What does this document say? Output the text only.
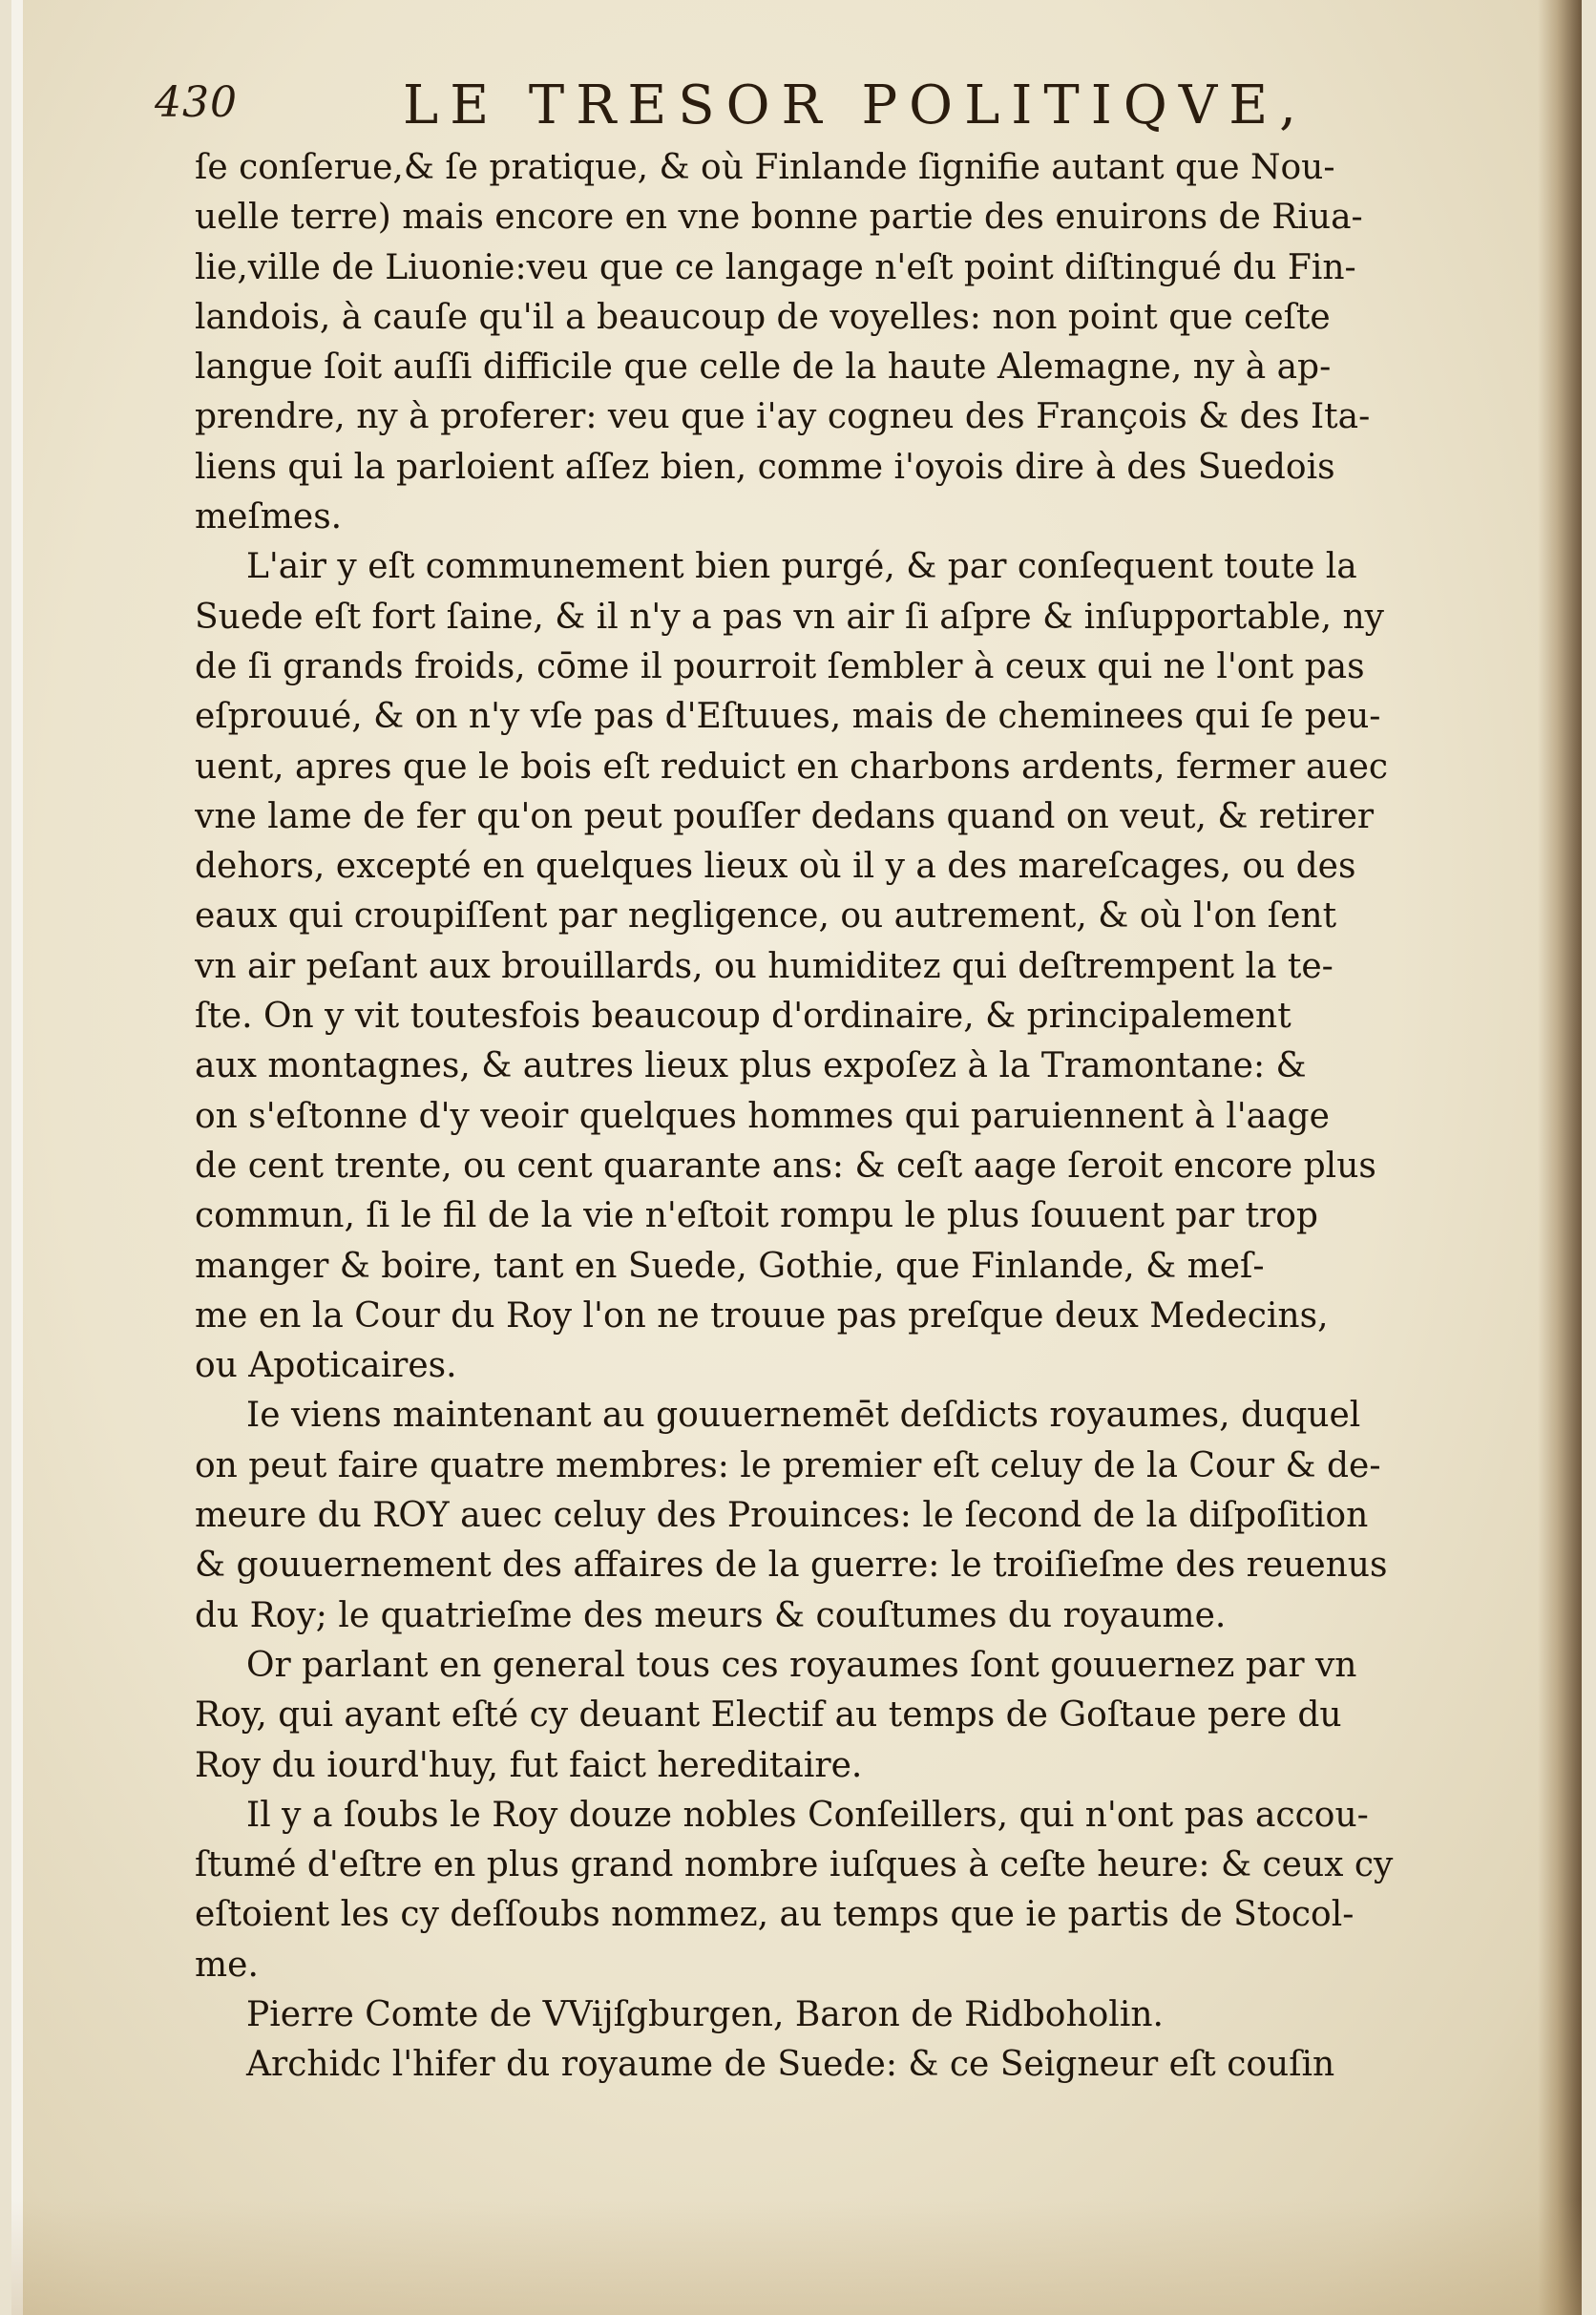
430	LE TRESOR POLITIQVE,
ſe conſerue,& ſe pratique, & où Finlande ſignifie autant que Nou-
uelle terre) mais encore en vne bonne partie des enuirons de Riua-
lie,ville de Liuonie:veu que ce langage n'eſt point diſtingué du Fin-
landois, à cauſe qu'il a beaucoup de voyelles: non point que ceſte
langue ſoit auſſi difficile que celle de la haute Alemagne, ny à ap-
prendre, ny à proferer: veu que i'ay cogneu des François & des Ita-
liens qui la parloient aſſez bien, comme i'oyois dire à des Suedois
meſmes.
L'air y eſt communement bien purgé, & par conſequent toute la
Suede eſt fort ſaine, & il n'y a pas vn air ſi aſpre & inſupportable, ny
de ſi grands froids, cōme il pourroit ſembler à ceux qui ne l'ont pas
eſprouué, & on n'y vſe pas d'Eſtuues, mais de cheminees qui ſe peu-
uent, apres que le bois eſt reduict en charbons ardents, fermer auec
vne lame de fer qu'on peut pouſſer dedans quand on veut, & retirer
dehors, excepté en quelques lieux où il y a des mareſcages, ou des
eaux qui croupiſſent par negligence, ou autrement, & où l'on ſent
vn air peſant aux brouillards, ou humiditez qui deſtrempent la te-
ſte. On y vit toutesfois beaucoup d'ordinaire, & principalement
aux montagnes, & autres lieux plus expoſez à la Tramontane: &
on s'eſtonne d'y veoir quelques hommes qui paruiennent à l'aage
de cent trente, ou cent quarante ans: & ceſt aage ſeroit encore plus
commun, ſi le fil de la vie n'eſtoit rompu le plus ſouuent par trop
manger & boire, tant en Suede, Gothie, que Finlande, & meſ-
me en la Cour du Roy l'on ne trouue pas preſque deux Medecins,
ou Apoticaires.
Ie viens maintenant au gouuernemēt deſdicts royaumes, duquel
on peut faire quatre membres: le premier eſt celuy de la Cour & de-
meure du ROY auec celuy des Prouinces: le ſecond de la diſpoſition
& gouuernement des affaires de la guerre: le troiſieſme des reuenus
du Roy; le quatrieſme des meurs & couſtumes du royaume.
Or parlant en general tous ces royaumes ſont gouuernez par vn
Roy, qui ayant eſté cy deuant Electif au temps de Goſtaue pere du
Roy du iourd'huy, fut faict hereditaire.
Il y a ſoubs le Roy douze nobles Conſeillers, qui n'ont pas accou-
ſtumé d'eſtre en plus grand nombre iuſques à ceſte heure: & ceux cy
eſtoient les cy deſſoubs nommez, au temps que ie partis de Stocol-
me.
Pierre Comte de VVijſgburgen, Baron de Ridboholin.
Archidc l'hifer du royaume de Suede: & ce Seigneur eſt couſin
